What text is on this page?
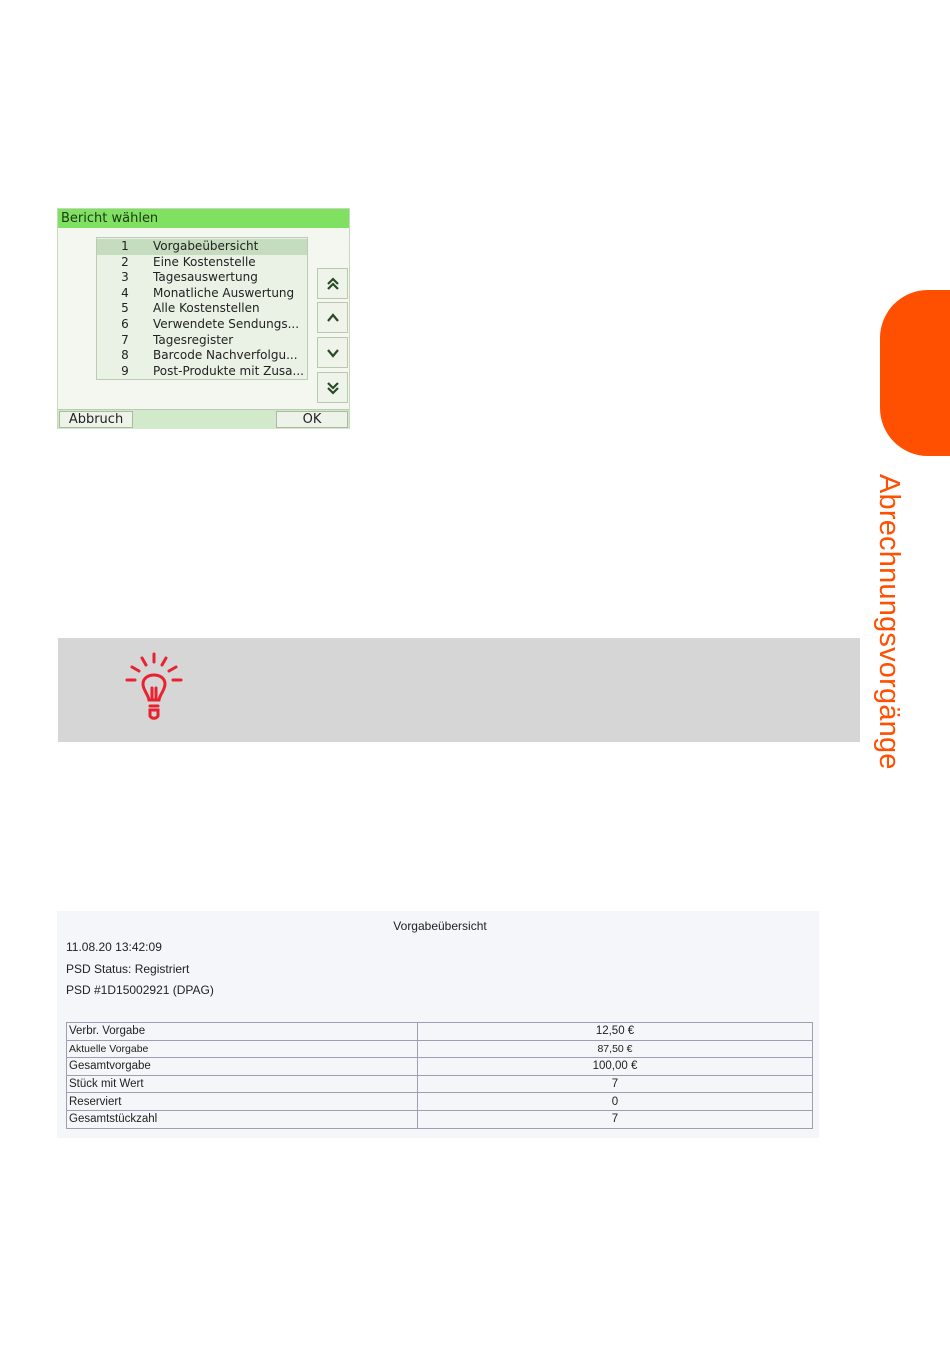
Bericht wählen
1	Vorgabeübersicht
2	Eine Kostenstelle
3	Tagesauswertung
4	Monatliche Auswertung
5	Alle Kostenstellen
6	Verwendete Sendungs...
7	Tagesregister
8	Barcode Nachverfolgu...
9	Post-Produkte mit Zusa...
Abbruch	OK
Abrechnungsvorgänge
Vorgabeübersicht
11.08.20 13:42:09
PSD Status: Registriert
PSD #1D15002921 (DPAG)
Verbr. Vorgabe	12,50 €
Aktuelle Vorgabe	87,50 €
Gesamtvorgabe	100,00 €
Stück mit Wert	7
Reserviert	0
Gesamtstückzahl	7
